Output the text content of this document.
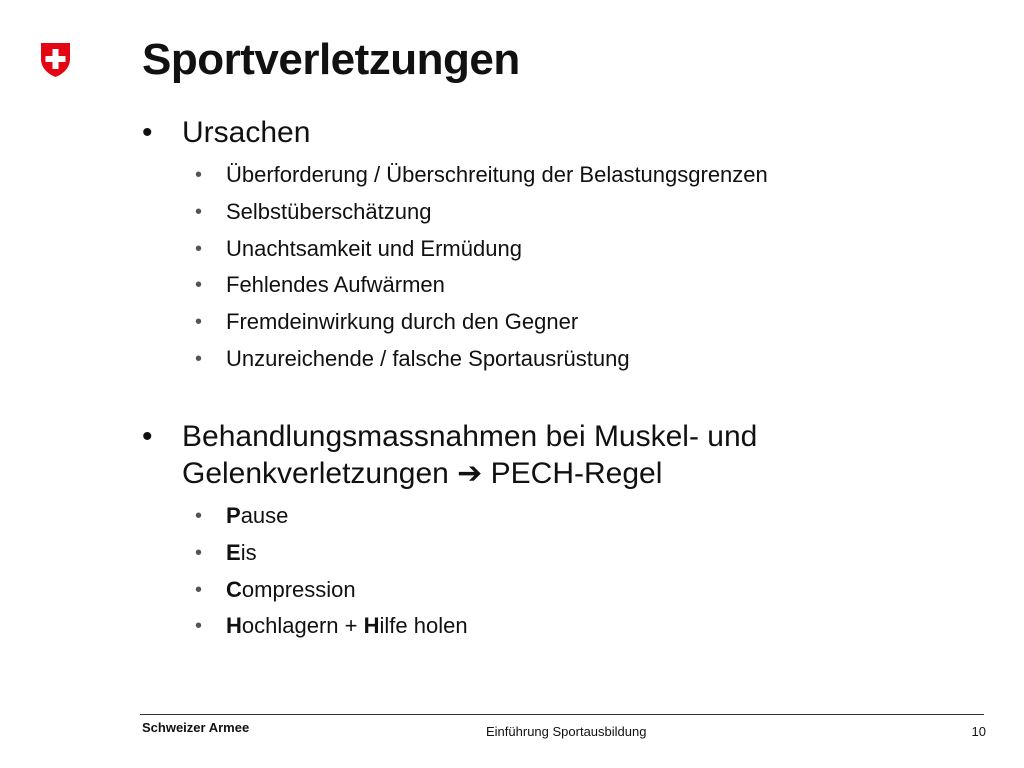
Sportverletzungen
• Ursachen
• Überforderung / Überschreitung der Belastungsgrenzen
• Selbstüberschätzung
• Unachtsamkeit und Ermüdung
• Fehlendes Aufwärmen
• Fremdeinwirkung durch den Gegner
• Unzureichende / falsche Sportausrüstung
• Behandlungsmassnahmen bei Muskel- und
Gelenkverletzungen ➔ PECH-Regel
• Pause
• Eis
• Compression
• Hochlagern + Hilfe holen
Schweizer Armee	Einführung Sportausbildung	10
